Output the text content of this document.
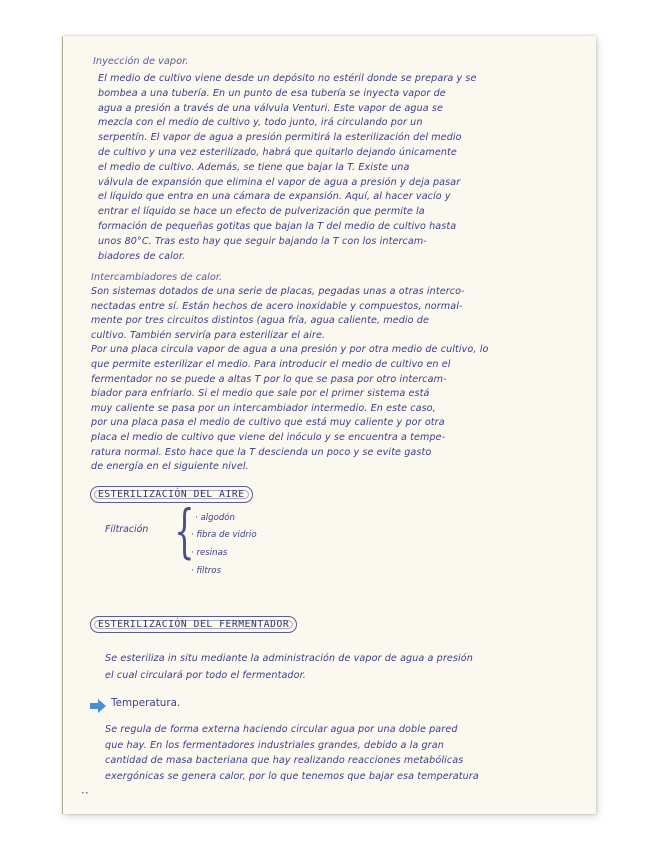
Inyección de vapor.
El medio de cultivo viene desde un depósito no estéril donde se prepara y se
bombea a una tubería. En un punto de esa tubería se inyecta vapor de
agua a presión a través de una válvula Venturi. Este vapor de agua se
mezcla con el medio de cultivo y, todo junto, irá circulando por un
serpentín. El vapor de agua a presión permitirá la esterilización del medio
de cultivo y una vez esterilizado, habrá que quitarlo dejando únicamente
el medio de cultivo. Además, se tiene que bajar la T. Existe una
válvula de expansión que elimina el vapor de agua a presión y deja pasar
el líquido que entra en una cámara de expansión. Aquí, al hacer vacío y
entrar el líquido se hace un efecto de pulverización que permite la
formación de pequeñas gotitas que bajan la T del medio de cultivo hasta
unos 80°C. Tras esto hay que seguir bajando la T con los intercam-
biadores de calor.
Intercambiadores de calor.
Son sistemas dotados de una serie de placas, pegadas unas a otras interco-
nectadas entre sí. Están hechos de acero inoxidable y compuestos, normal-
mente por tres circuitos distintos (agua fría, agua caliente, medio de
cultivo. También serviría para esterilizar el aire.
Por una placa circula vapor de agua a una presión y por otra medio de cultivo, lo
que permite esterilizar el medio. Para introducir el medio de cultivo en el
fermentador no se puede a altas T por lo que se pasa por otro intercam-
biador para enfriarlo. Si el medio que sale por el primer sistema está
muy caliente se pasa por un intercambiador intermedio. En este caso,
por una placa pasa el medio de cultivo que está muy caliente y por otra
placa el medio de cultivo que viene del inóculo y se encuentra a tempe-
ratura normal. Esto hace que la T descienda un poco y se evite gasto
de energía en el siguiente nivel.
ESTERILIZACIÓN DEL AIRE
Filtración { · algodón
· fibra de vidrio
· resinas
· filtros
ESTERILIZACIÓN DEL FERMENTADOR
Se esteriliza in situ mediante la administración de vapor de agua a presión
el cual circulará por todo el fermentador.
Temperatura.
Se regula de forma externa haciendo circular agua por una doble pared
que hay. En los fermentadores industriales grandes, debido a la gran
cantidad de masa bacteriana que hay realizando reacciones metabólicas
exergónicas se genera calor, por lo que tenemos que bajar esa temperatura
··
